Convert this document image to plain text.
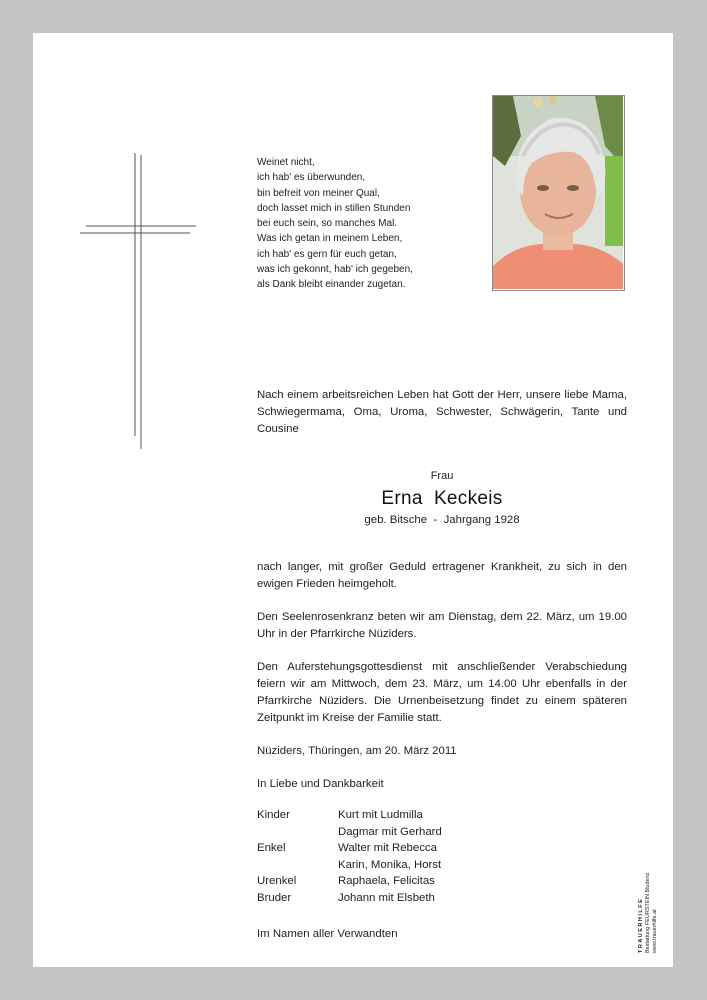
Weinet nicht,
ich hab' es überwunden,
bin befreit von meiner Qual,
doch lasset mich in stillen Stunden
bei euch sein, so manches Mal.
Was ich getan in meinem Leben,
ich hab' es gern für euch getan,
was ich gekonnt, hab' ich gegeben,
als Dank bleibt einander zugetan.
Nach einem arbeitsreichen Leben hat Gott der Herr, unsere liebe Mama, Schwiegermama, Oma, Uroma, Schwester, Schwägerin, Tante und Cousine
Frau
Erna Keckeis
geb. Bitsche - Jahrgang 1928
nach langer, mit großer Geduld ertragener Krankheit, zu sich in den ewigen Frieden heimgeholt.
Den Seelenrosenkranz beten wir am Dienstag, dem 22. März, um 19.00 Uhr in der Pfarrkirche Nüziders.
Den Auferstehungsgottesdienst mit anschließender Verabschiedung feiern wir am Mittwoch, dem 23. März, um 14.00 Uhr ebenfalls in der Pfarrkirche Nüziders. Die Urnenbeisetzung findet zu einem späteren Zeitpunkt im Kreise der Familie statt.
Nüziders, Thüringen, am 20. März 2011
In Liebe und Dankbarkeit
Kinder	Kurt mit Ludmilla
Dagmar mit Gerhard
Enkel	Walter mit Rebecca
Karin, Monika, Horst
Urenkel	Raphaela, Felicitas
Bruder	Johann mit Elsbeth
Im Namen aller Verwandten	TRAUERHILFE Bestattung FEURSTEIN Bludenz www.trauerhilfe.at
